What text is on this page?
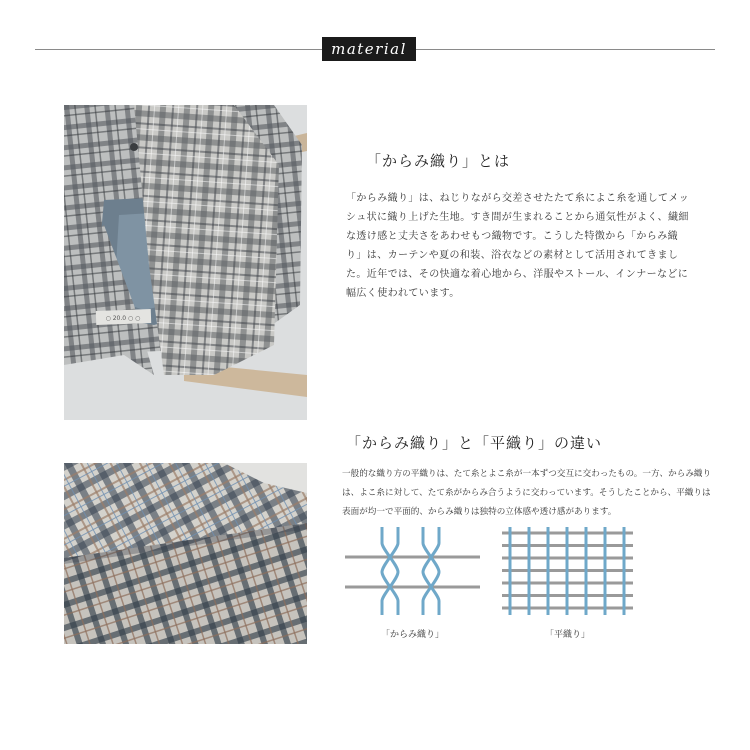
material
○ 20.0 ○ ○
「からみ織り」とは

「からみ織り」は、ねじりながら交差させたたて糸によこ糸を通してメッシュ状に織り上げた生地。すき間が生まれることから通気性がよく、繊細な透け感と丈夫さをあわせもつ織物です。こうした特徴から「からみ織り」は、カーテンや夏の和装、浴衣などの素材として活用されてきました。近年では、その快適な着心地から、洋服やストール、インナーなどに幅広く使われています。

「からみ織り」と「平織り」の違い

一般的な織り方の平織りは、たて糸とよこ糸が一本ずつ交互に交わったもの。一方、からみ織りは、よこ糸に対して、たて糸がからみ合うように交わっています。そうしたことから、平織りは表面が均一で平面的、からみ織りは独特の立体感や透け感があります。

「からみ織り」	「平織り」
